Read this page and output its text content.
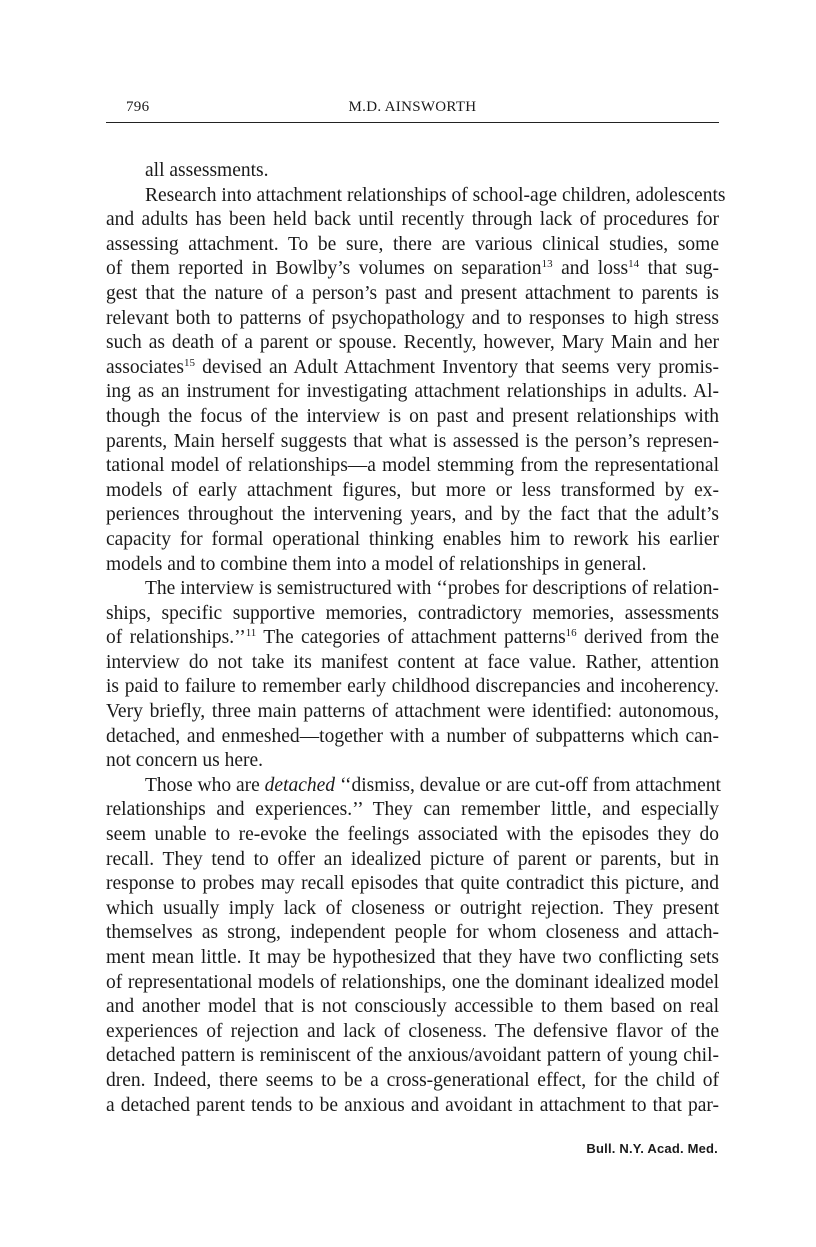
796	M.D. AINSWORTH
all assessments.
Research into attachment relationships of school-age children, adolescents
and adults has been held back until recently through lack of procedures for
assessing attachment. To be sure, there are various clinical studies, some
of them reported in Bowlby’s volumes on separation$^{13}$ and loss$^{14}$ that sug-
gest that the nature of a person’s past and present attachment to parents is
relevant both to patterns of psychopathology and to responses to high stress
such as death of a parent or spouse. Recently, however, Mary Main and her
associates$^{15}$ devised an Adult Attachment Inventory that seems very promis-
ing as an instrument for investigating attachment relationships in adults. Al-
though the focus of the interview is on past and present relationships with
parents, Main herself suggests that what is assessed is the person’s represen-
tational model of relationships—a model stemming from the representational
models of early attachment figures, but more or less transformed by ex-
periences throughout the intervening years, and by the fact that the adult’s
capacity for formal operational thinking enables him to rework his earlier
models and to combine them into a model of relationships in general.
The interview is semistructured with ‘‘probes for descriptions of relation-
ships, specific supportive memories, contradictory memories, assessments
of relationships.’’$^{11}$ The categories of attachment patterns$^{16}$ derived from the
interview do not take its manifest content at face value. Rather, attention
is paid to failure to remember early childhood discrepancies and incoherency.
Very briefly, three main patterns of attachment were identified: autonomous,
detached, and enmeshed—together with a number of subpatterns which can-
not concern us here.
Those who are detached ‘‘dismiss, devalue or are cut-off from attachment
relationships and experiences.’’ They can remember little, and especially
seem unable to re-evoke the feelings associated with the episodes they do
recall. They tend to offer an idealized picture of parent or parents, but in
response to probes may recall episodes that quite contradict this picture, and
which usually imply lack of closeness or outright rejection. They present
themselves as strong, independent people for whom closeness and attach-
ment mean little. It may be hypothesized that they have two conflicting sets
of representational models of relationships, one the dominant idealized model
and another model that is not consciously accessible to them based on real
experiences of rejection and lack of closeness. The defensive flavor of the
detached pattern is reminiscent of the anxious/avoidant pattern of young chil-
dren. Indeed, there seems to be a cross-generational effect, for the child of
a detached parent tends to be anxious and avoidant in attachment to that par-
Bull. N.Y. Acad. Med.
